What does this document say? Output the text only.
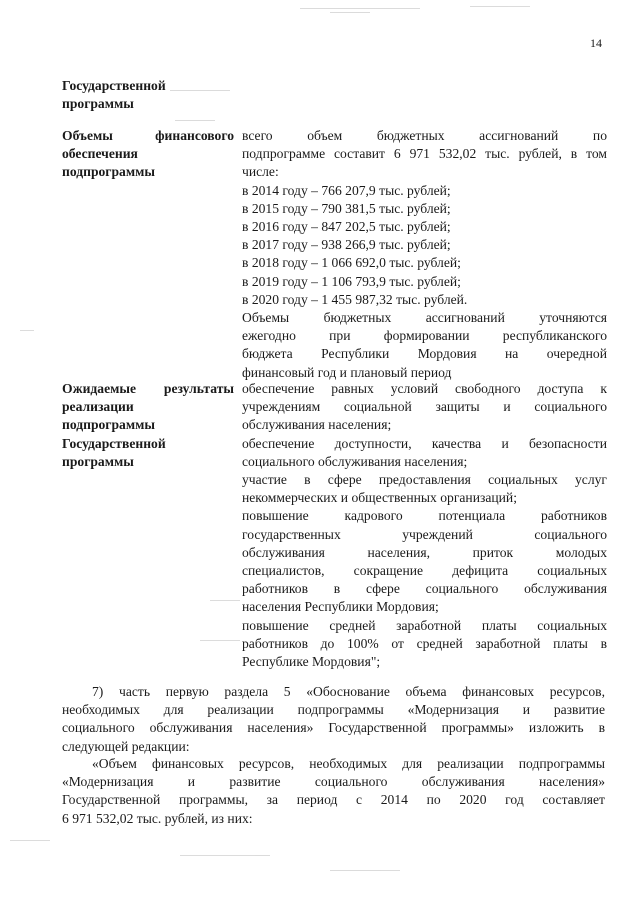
14
Государственной
программы
Объемы финансового
обеспечения
подпрограммы
всего объем бюджетных ассигнований по
подпрограмме составит 6 971 532,02 тыс. рублей, в том
числе:
в 2014 году – 766 207,9 тыс. рублей;
в 2015 году – 790 381,5 тыс. рублей;
в 2016 году – 847 202,5 тыс. рублей;
в 2017 году – 938 266,9 тыс. рублей;
в 2018 году – 1 066 692,0 тыс. рублей;
в 2019 году – 1 106 793,9 тыс. рублей;
в 2020 году – 1 455 987,32 тыс. рублей.
Объемы бюджетных ассигнований уточняются
ежегодно при формировании республиканского
бюджета Республики Мордовия на очередной
финансовый год и плановый период
Ожидаемые результаты
реализации
подпрограммы
Государственной
программы
обеспечение равных условий свободного доступа к
учреждениям социальной защиты и социального
обслуживания населения;
обеспечение доступности, качества и безопасности
социального обслуживания населения;
участие в сфере предоставления социальных услуг
некоммерческих и общественных организаций;
повышение кадрового потенциала работников
государственных учреждений социального
обслуживания населения, приток молодых
специалистов, сокращение дефицита социальных
работников в сфере социального обслуживания
населения Республики Мордовия;
повышение средней заработной платы социальных
работников до 100% от средней заработной платы в
Республике Мордовия";
7) часть первую раздела 5 «Обоснование объема финансовых ресурсов,
необходимых для реализации подпрограммы «Модернизация и развитие
социального обслуживания населения» Государственной программы» изложить в
следующей редакции:
«Объем финансовых ресурсов, необходимых для реализации подпрограммы
«Модернизация и развитие социального обслуживания населения»
Государственной программы, за период с 2014 по 2020 год составляет
6 971 532,02 тыс. рублей, из них:
